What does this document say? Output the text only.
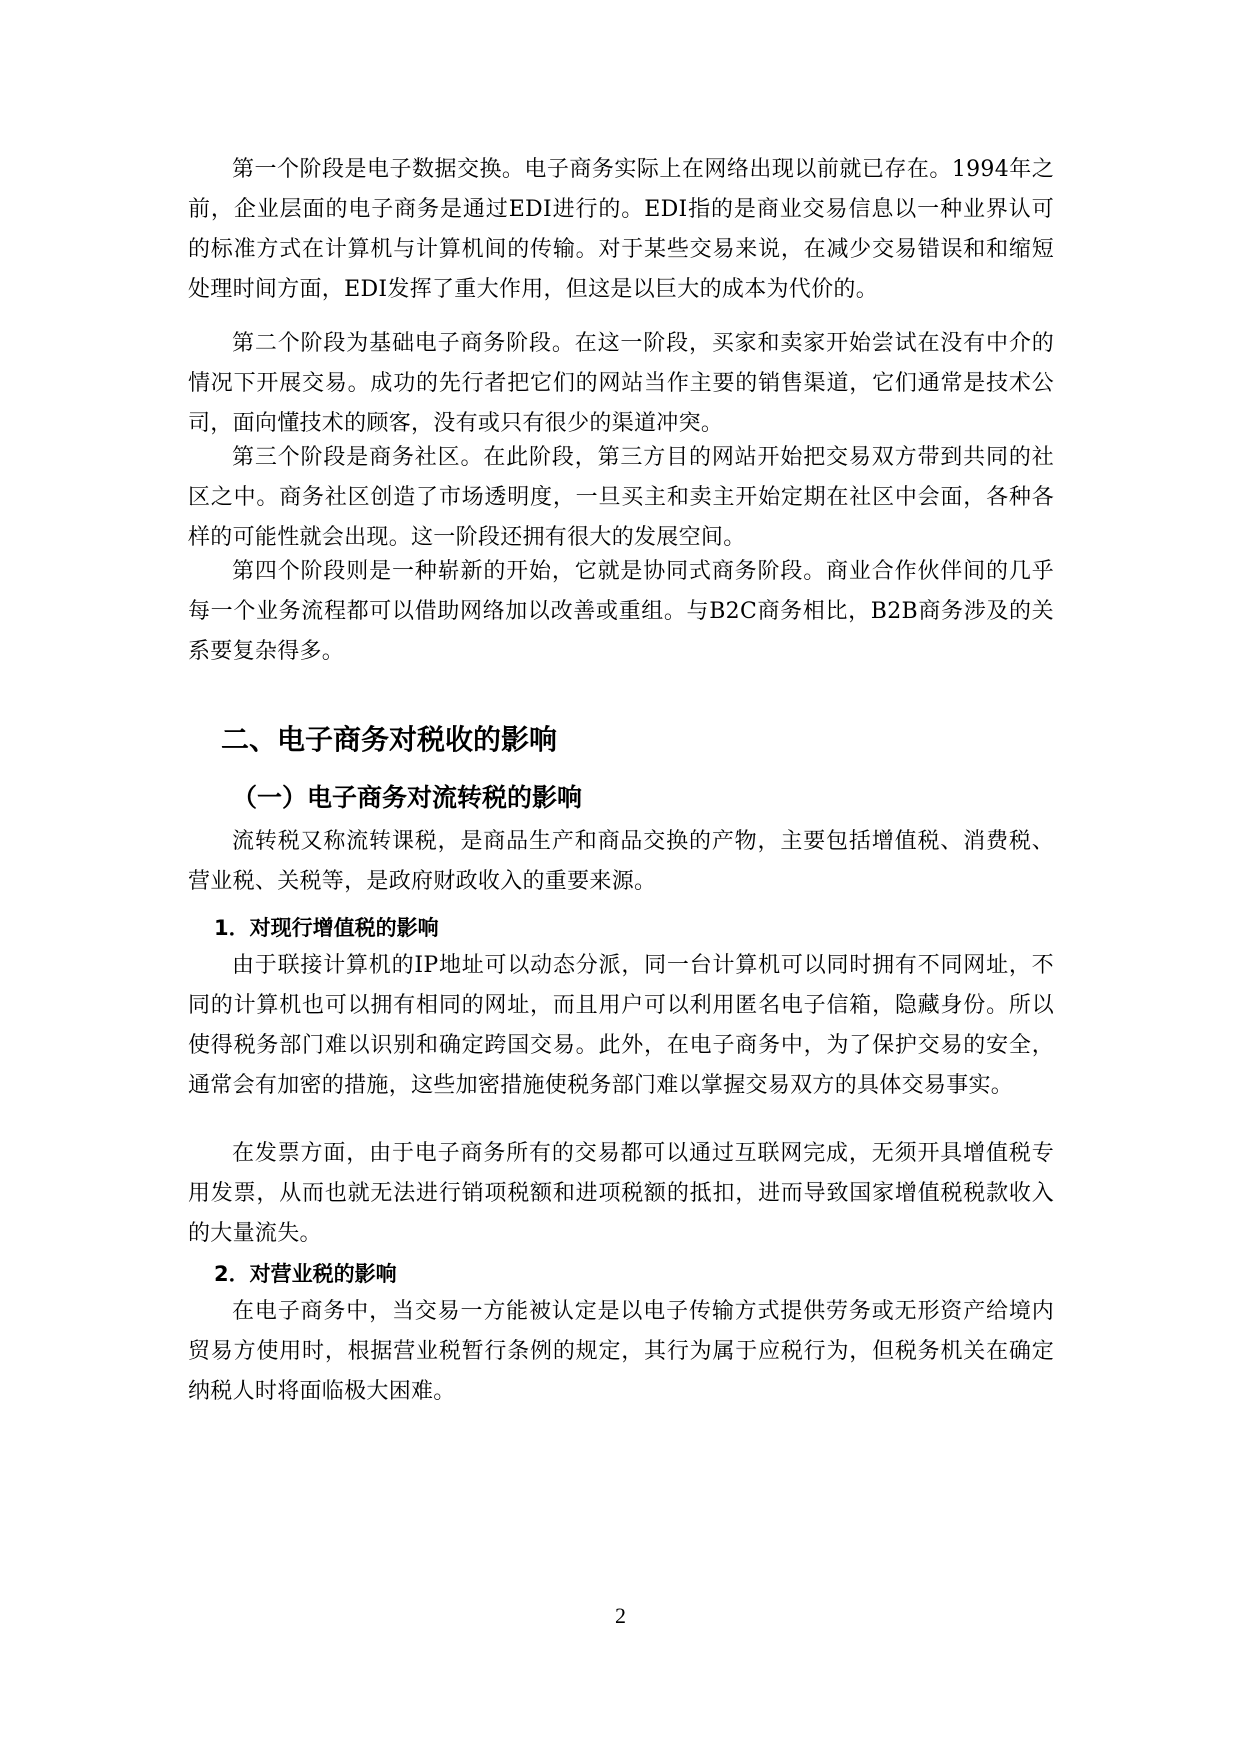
第一个阶段是电子数据交换。电子商务实际上在网络出现以前就已存在。1994年之前，企业层面的电子商务是通过EDI进行的。EDI指的是商业交易信息以一种业界认可的标准方式在计算机与计算机间的传输。对于某些交易来说，在减少交易错误和和缩短处理时间方面，EDI发挥了重大作用，但这是以巨大的成本为代价的。

第二个阶段为基础电子商务阶段。在这一阶段，买家和卖家开始尝试在没有中介的情况下开展交易。成功的先行者把它们的网站当作主要的销售渠道，它们通常是技术公司，面向懂技术的顾客，没有或只有很少的渠道冲突。

第三个阶段是商务社区。在此阶段，第三方目的网站开始把交易双方带到共同的社区之中。商务社区创造了市场透明度，一旦买主和卖主开始定期在社区中会面，各种各样的可能性就会出现。这一阶段还拥有很大的发展空间。

第四个阶段则是一种崭新的开始，它就是协同式商务阶段。商业合作伙伴间的几乎每一个业务流程都可以借助网络加以改善或重组。与B2C商务相比，B2B商务涉及的关系要复杂得多。

二、电子商务对税收的影响
（一）电子商务对流转税的影响

流转税又称流转课税，是商品生产和商品交换的产物，主要包括增值税、消费税、营业税、关税等，是政府财政收入的重要来源。

1．对现行增值税的影响

由于联接计算机的IP地址可以动态分派，同一台计算机可以同时拥有不同网址，不同的计算机也可以拥有相同的网址，而且用户可以利用匿名电子信箱，隐藏身份。所以使得税务部门难以识别和确定跨国交易。此外，在电子商务中，为了保护交易的安全，通常会有加密的措施，这些加密措施使税务部门难以掌握交易双方的具体交易事实。

在发票方面，由于电子商务所有的交易都可以通过互联网完成，无须开具增值税专用发票，从而也就无法进行销项税额和进项税额的抵扣，进而导致国家增值税税款收入的大量流失。

2．对营业税的影响

在电子商务中，当交易一方能被认定是以电子传输方式提供劳务或无形资产给境内贸易方使用时，根据营业税暂行条例的规定，其行为属于应税行为，但税务机关在确定纳税人时将面临极大困难。

2
